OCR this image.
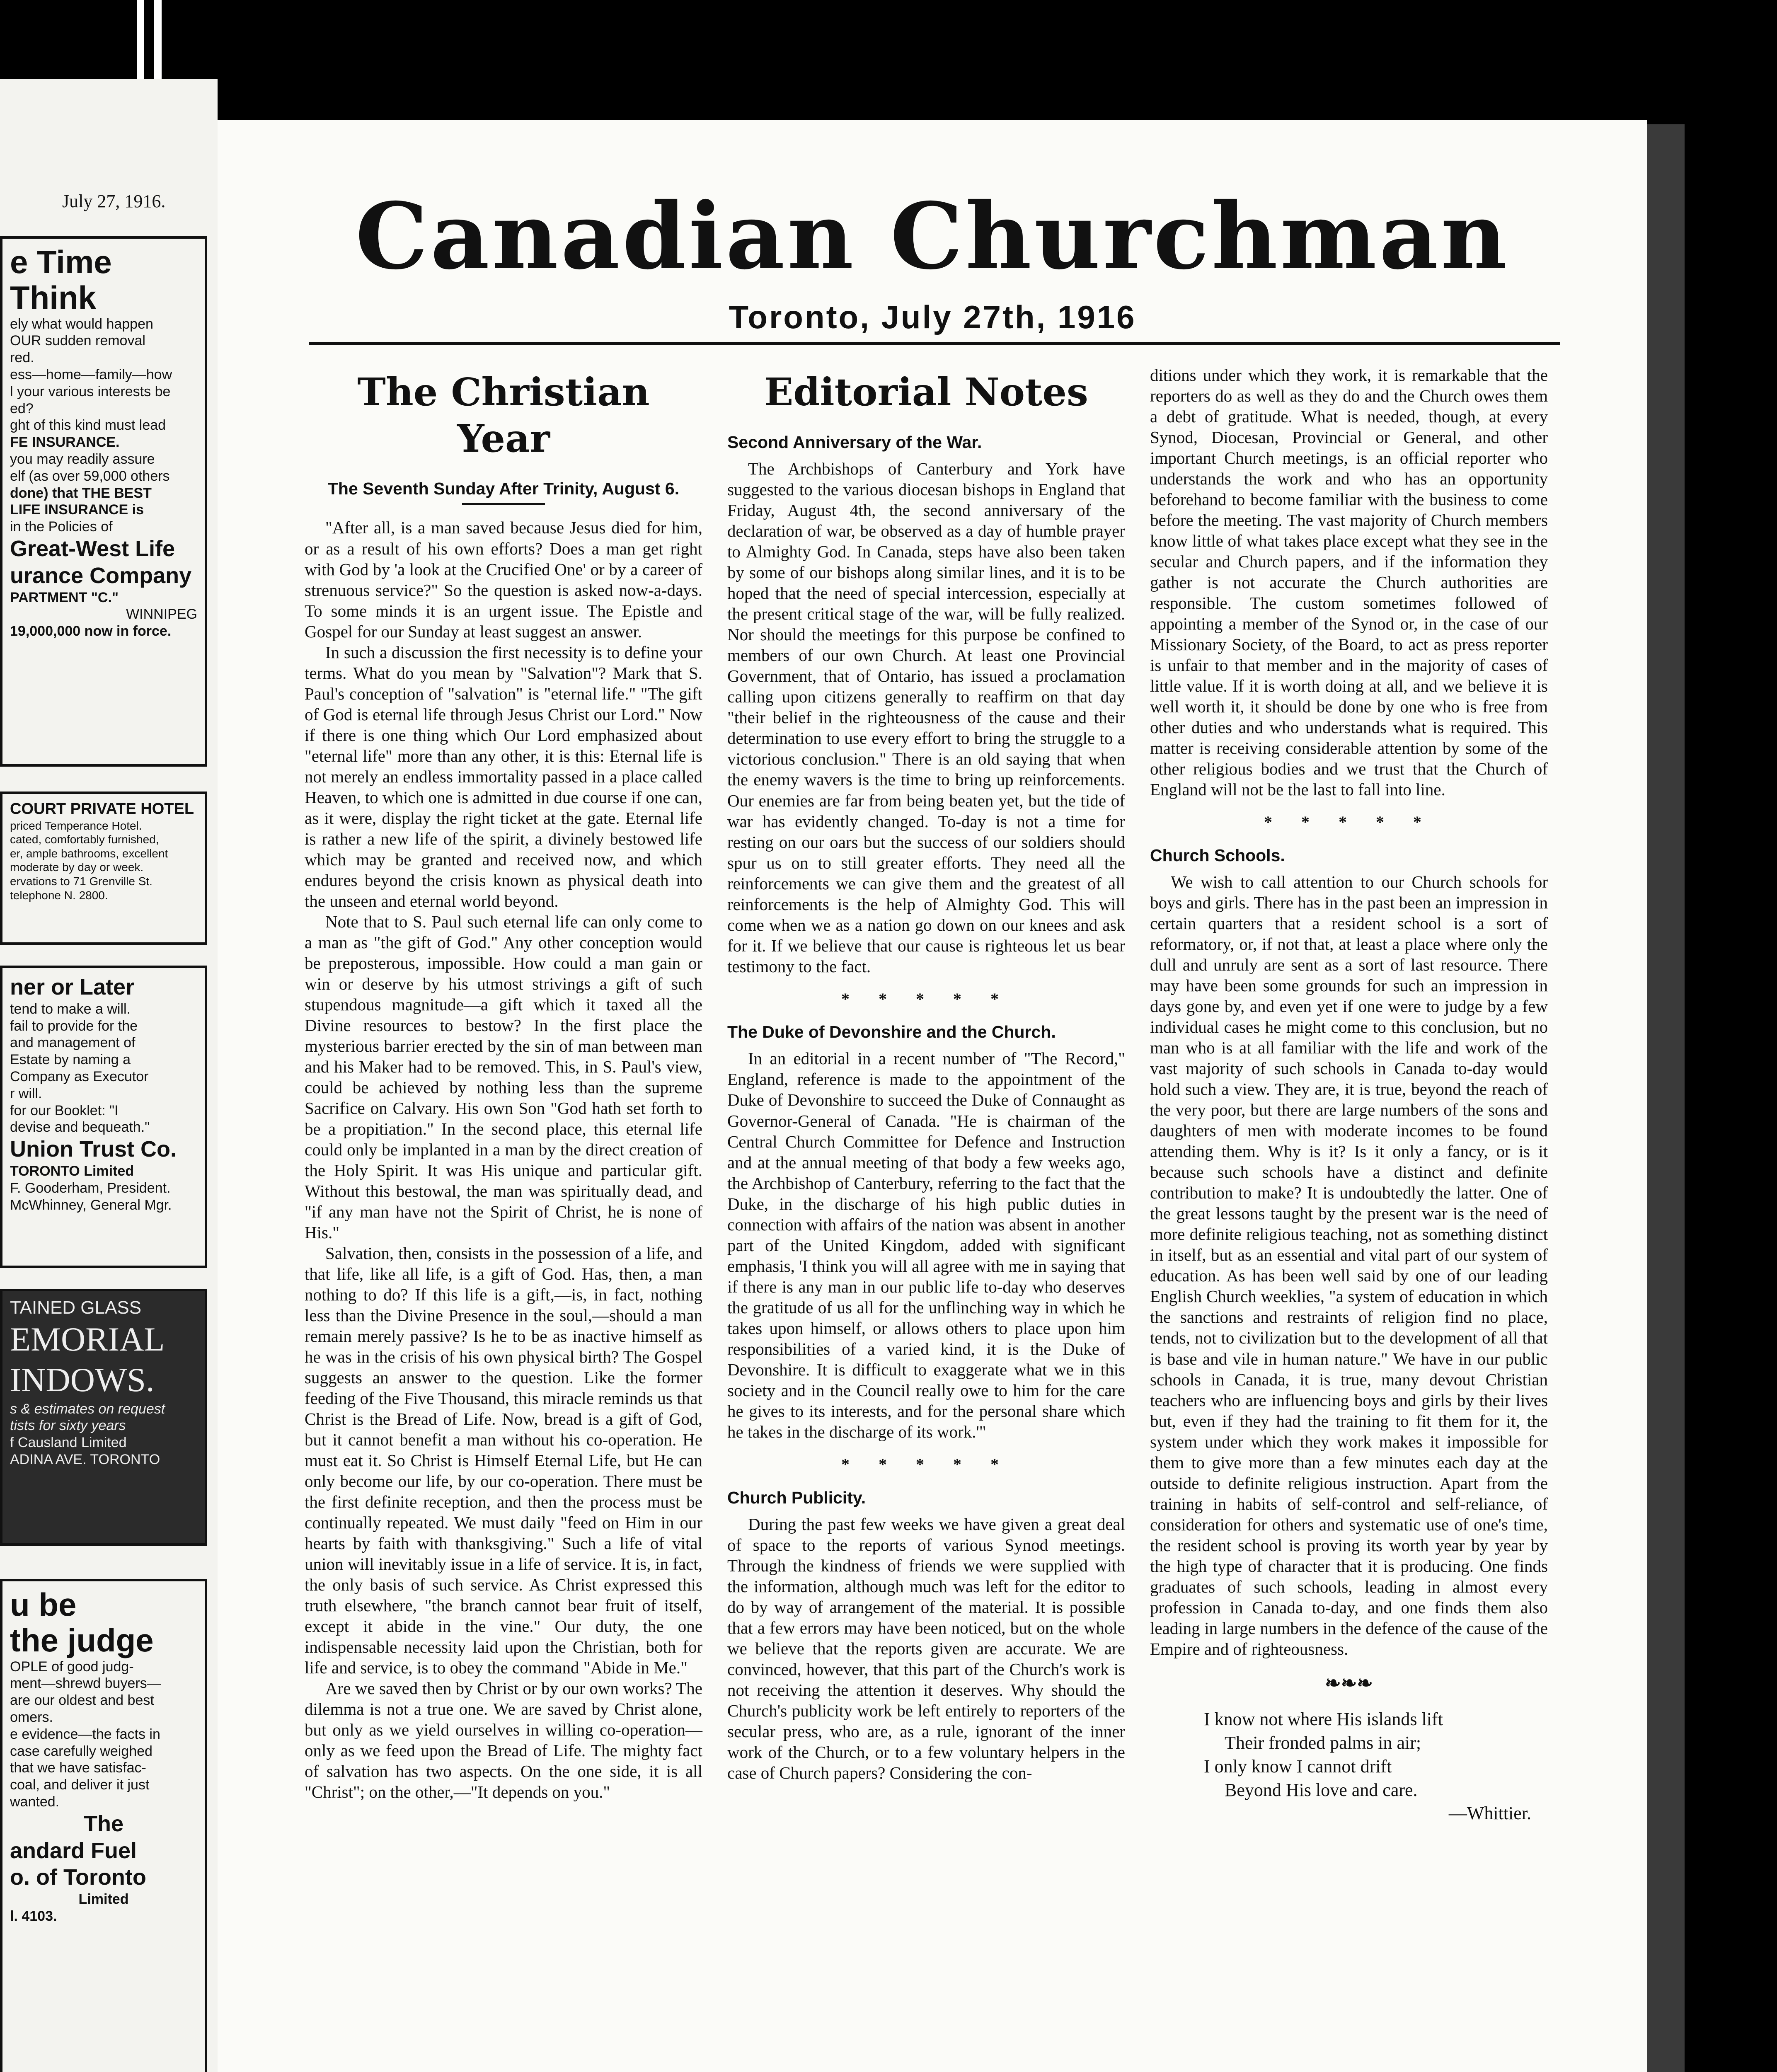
July 27, 1916.
e Time
Think
ely what would happen
OUR sudden removal
red.
ess—home—family—how
l your various interests be
ed?
ght of this kind must lead
FE INSURANCE.
you may readily assure
elf (as over 59,000 others
done) that THE BEST
LIFE INSURANCE is
in the Policies of
Great-West Life
urance Company
PARTMENT "C."
WINNIPEG
19,000,000 now in force.
COURT PRIVATE HOTEL
priced Temperance Hotel.
cated, comfortably furnished,
er, ample bathrooms, excellent
moderate by day or week.
ervations to 71 Grenville St.
telephone N. 2800.
ner or Later
tend to make a will.
fail to provide for the
and management of
Estate by naming a
Company as Executor
r will.
for our Booklet: "I
devise and bequeath."
Union Trust Co.
TORONTO Limited
F. Gooderham, President.
McWhinney, General Mgr.
TAINED GLASS
EMORIAL
INDOWS.
s & estimates on request
tists for sixty years
f Causland Limited
ADINA AVE. TORONTO
u be
the judge
OPLE of good judg-
ment—shrewd buyers—
are our oldest and best
omers.
e evidence—the facts in
case carefully weighed
that we have satisfac-
coal, and deliver it just
wanted.
The
andard Fuel
o. of Toronto
Limited
l. 4103.
Canadian Churchman
Toronto, July 27th, 1916
The Christian Year
The Seventh Sunday After Trinity, August 6.

"After all, is a man saved because Jesus died for him, or as a result of his own efforts? Does a man get right with God by 'a look at the Crucified One' or by a career of strenuous service?" So the question is asked now-a-days. To some minds it is an urgent issue. The Epistle and Gospel for our Sunday at least suggest an answer.

In such a discussion the first necessity is to define your terms. What do you mean by "Salvation"? Mark that S. Paul's conception of "salvation" is "eternal life." "The gift of God is eternal life through Jesus Christ our Lord." Now if there is one thing which Our Lord emphasized about "eternal life" more than any other, it is this: Eternal life is not merely an endless immortality passed in a place called Heaven, to which one is admitted in due course if one can, as it were, display the right ticket at the gate. Eternal life is rather a new life of the spirit, a divinely bestowed life which may be granted and received now, and which endures beyond the crisis known as physical death into the unseen and eternal world beyond.

Note that to S. Paul such eternal life can only come to a man as "the gift of God." Any other conception would be preposterous, impossible. How could a man gain or win or deserve by his utmost strivings a gift of such stupendous magnitude—a gift which it taxed all the Divine resources to bestow? In the first place the mysterious barrier erected by the sin of man between man and his Maker had to be removed. This, in S. Paul's view, could be achieved by nothing less than the supreme Sacrifice on Calvary. His own Son "God hath set forth to be a propitiation." In the second place, this eternal life could only be implanted in a man by the direct creation of the Holy Spirit. It was His unique and particular gift. Without this bestowal, the man was spiritually dead, and "if any man have not the Spirit of Christ, he is none of His."

Salvation, then, consists in the possession of a life, and that life, like all life, is a gift of God. Has, then, a man nothing to do? If this life is a gift,—is, in fact, nothing less than the Divine Presence in the soul,—should a man remain merely passive? Is he to be as inactive himself as he was in the crisis of his own physical birth? The Gospel suggests an answer to the question. Like the former feeding of the Five Thousand, this miracle reminds us that Christ is the Bread of Life. Now, bread is a gift of God, but it cannot benefit a man without his co-operation. He must eat it. So Christ is Himself Eternal Life, but He can only become our life, by our co-operation. There must be the first definite reception, and then the process must be continually repeated. We must daily "feed on Him in our hearts by faith with thanksgiving." Such a life of vital union will inevitably issue in a life of service. It is, in fact, the only basis of such service. As Christ expressed this truth elsewhere, "the branch cannot bear fruit of itself, except it abide in the vine." Our duty, the one indispensable necessity laid upon the Christian, both for life and service, is to obey the command "Abide in Me."

Are we saved then by Christ or by our own works? The dilemma is not a true one. We are saved by Christ alone, but only as we yield ourselves in willing co-operation—only as we feed upon the Bread of Life. The mighty fact of salvation has two aspects. On the one side, it is all "Christ"; on the other,—"It depends on you."

Editorial Notes
Second Anniversary of the War.

The Archbishops of Canterbury and York have suggested to the various diocesan bishops in England that Friday, August 4th, the second anniversary of the declaration of war, be observed as a day of humble prayer to Almighty God. In Canada, steps have also been taken by some of our bishops along similar lines, and it is to be hoped that the need of special intercession, especially at the present critical stage of the war, will be fully realized. Nor should the meetings for this purpose be confined to members of our own Church. At least one Provincial Government, that of Ontario, has issued a proclamation calling upon citizens generally to reaffirm on that day "their belief in the righteousness of the cause and their determination to use every effort to bring the struggle to a victorious conclusion." There is an old saying that when the enemy wavers is the time to bring up reinforcements. Our enemies are far from being beaten yet, but the tide of war has evidently changed. To-day is not a time for resting on our oars but the success of our soldiers should spur us on to still greater efforts. They need all the reinforcements we can give them and the greatest of all reinforcements is the help of Almighty God. This will come when we as a nation go down on our knees and ask for it. If we believe that our cause is righteous let us bear testimony to the fact.

* * * * *
The Duke of Devonshire and the Church.

In an editorial in a recent number of "The Record," England, reference is made to the appointment of the Duke of Devonshire to succeed the Duke of Connaught as Governor-General of Canada. "He is chairman of the Central Church Committee for Defence and Instruction and at the annual meeting of that body a few weeks ago, the Archbishop of Canterbury, referring to the fact that the Duke, in the discharge of his high public duties in connection with affairs of the nation was absent in another part of the United Kingdom, added with significant emphasis, 'I think you will all agree with me in saying that if there is any man in our public life to-day who deserves the gratitude of us all for the unflinching way in which he takes upon himself, or allows others to place upon him responsibilities of a varied kind, it is the Duke of Devonshire. It is difficult to exaggerate what we in this society and in the Council really owe to him for the care he gives to its interests, and for the personal share which he takes in the discharge of its work.'"

* * * * *
Church Publicity.

During the past few weeks we have given a great deal of space to the reports of various Synod meetings. Through the kindness of friends we were supplied with the information, although much was left for the editor to do by way of arrangement of the material. It is possible that a few errors may have been noticed, but on the whole we believe that the reports given are accurate. We are convinced, however, that this part of the Church's work is not receiving the attention it deserves. Why should the Church's publicity work be left entirely to reporters of the secular press, who are, as a rule, ignorant of the inner work of the Church, or to a few voluntary helpers in the case of Church papers? Considering the con-

ditions under which they work, it is remarkable that the reporters do as well as they do and the Church owes them a debt of gratitude. What is needed, though, at every Synod, Diocesan, Provincial or General, and other important Church meetings, is an official reporter who understands the work and who has an opportunity beforehand to become familiar with the business to come before the meeting. The vast majority of Church members know little of what takes place except what they see in the secular and Church papers, and if the information they gather is not accurate the Church authorities are responsible. The custom sometimes followed of appointing a member of the Synod or, in the case of our Missionary Society, of the Board, to act as press reporter is unfair to that member and in the majority of cases of little value. If it is worth doing at all, and we believe it is well worth it, it should be done by one who is free from other duties and who understands what is required. This matter is receiving considerable attention by some of the other religious bodies and we trust that the Church of England will not be the last to fall into line.

* * * * *
Church Schools.

We wish to call attention to our Church schools for boys and girls. There has in the past been an impression in certain quarters that a resident school is a sort of reformatory, or, if not that, at least a place where only the dull and unruly are sent as a sort of last resource. There may have been some grounds for such an impression in days gone by, and even yet if one were to judge by a few individual cases he might come to this conclusion, but no man who is at all familiar with the life and work of the vast majority of such schools in Canada to-day would hold such a view. They are, it is true, beyond the reach of the very poor, but there are large numbers of the sons and daughters of men with moderate incomes to be found attending them. Why is it? Is it only a fancy, or is it because such schools have a distinct and definite contribution to make? It is undoubtedly the latter. One of the great lessons taught by the present war is the need of more definite religious teaching, not as something distinct in itself, but as an essential and vital part of our system of education. As has been well said by one of our leading English Church weeklies, "a system of education in which the sanctions and restraints of religion find no place, tends, not to civilization but to the development of all that is base and vile in human nature." We have in our public schools in Canada, it is true, many devout Christian teachers who are influencing boys and girls by their lives but, even if they had the training to fit them for it, the system under which they work makes it impossible for them to give more than a few minutes each day at the outside to definite religious instruction. Apart from the training in habits of self-control and self-reliance, of consideration for others and systematic use of one's time, the resident school is proving its worth year by year by the high type of character that it is producing. One finds graduates of such schools, leading in almost every profession in Canada to-day, and one finds them also leading in large numbers in the defence of the cause of the Empire and of righteousness.

❧❧❧
I know not where His islands lift
Their fronded palms in air;
I only know I cannot drift
Beyond His love and care.
—Whittier.
